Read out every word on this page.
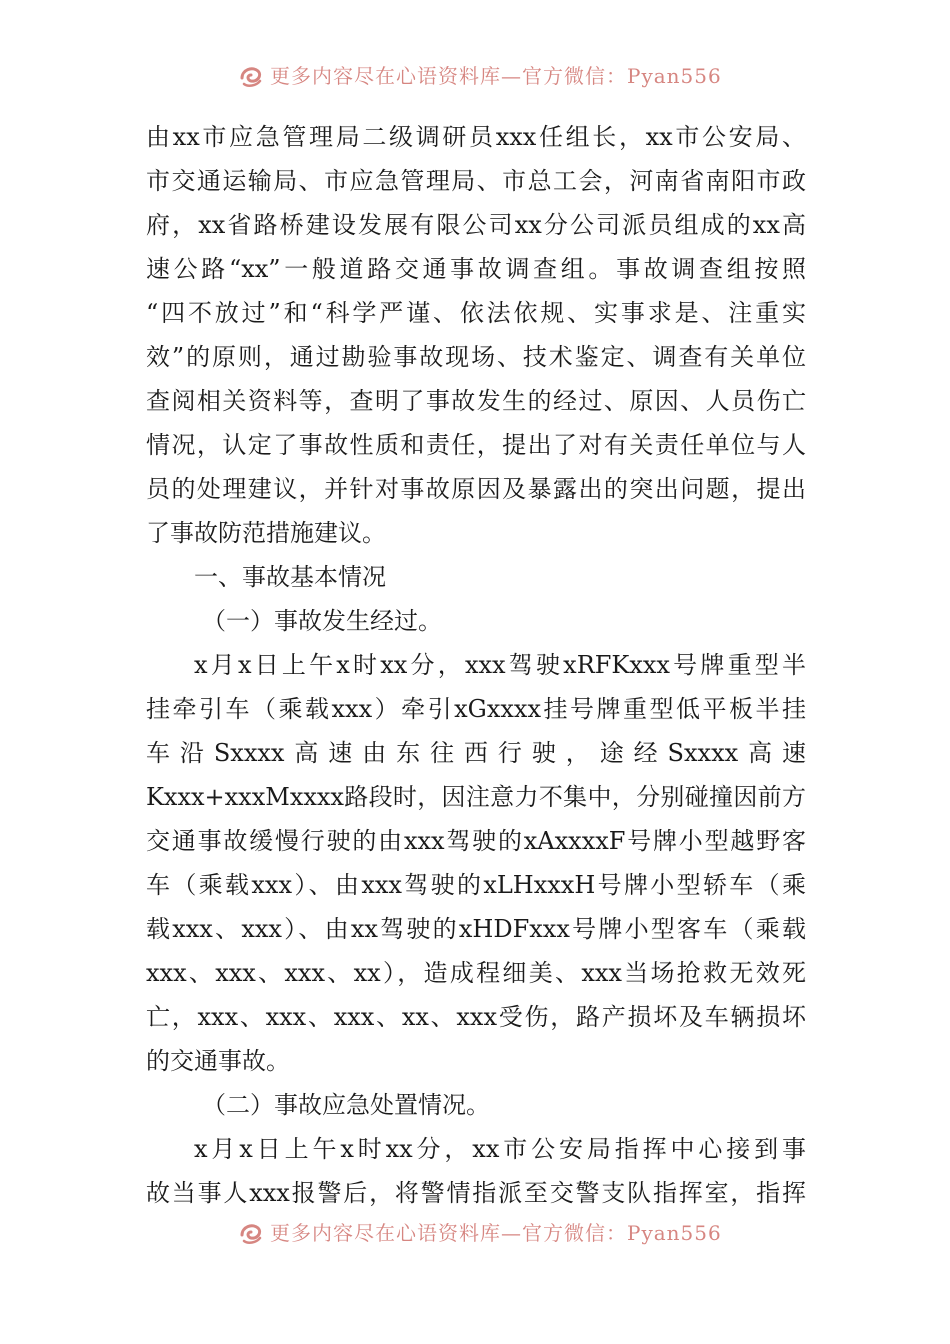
更多内容尽在心语资料库—官方微信：Pyan556
由xx市应急管理局二级调研员xxx任组长，xx市公安局、
市交通运输局、市应急管理局、市总工会，河南省南阳市政
府，xx省路桥建设发展有限公司xx分公司派员组成的xx高
速公路“xx”一般道路交通事故调查组。事故调查组按照
“四不放过”和“科学严谨、依法依规、实事求是、注重实
效”的原则，通过勘验事故现场、技术鉴定、调查有关单位
查阅相关资料等，查明了事故发生的经过、原因、人员伤亡
情况，认定了事故性质和责任，提出了对有关责任单位与人
员的处理建议，并针对事故原因及暴露出的突出问题，提出
了事故防范措施建议。
一、事故基本情况
（一）事故发生经过。
x月x日上午x时xx分，xxx驾驶xRFKxxx号牌重型半
挂牵引车（乘载xxx）牵引xGxxxx挂号牌重型低平板半挂
车沿Sxxxx高速由东往西行驶，途经Sxxxx高速
Kxxx+xxxMxxxx路段时，因注意力不集中，分别碰撞因前方
交通事故缓慢行驶的由xxx驾驶的xAxxxxF号牌小型越野客
车（乘载xxx）、由xxx驾驶的xLHxxxH号牌小型轿车（乘
载xxx、xxx）、由xx驾驶的xHDFxxx号牌小型客车（乘载
xxx、xxx、xxx、xx），造成程细美、xxx当场抢救无效死
亡，xxx、xxx、xxx、xx、xxx受伤，路产损坏及车辆损坏
的交通事故。
（二）事故应急处置情况。
x月x日上午x时xx分，xx市公安局指挥中心接到事
故当事人xxx报警后，将警情指派至交警支队指挥室，指挥
更多内容尽在心语资料库—官方微信：Pyan556
